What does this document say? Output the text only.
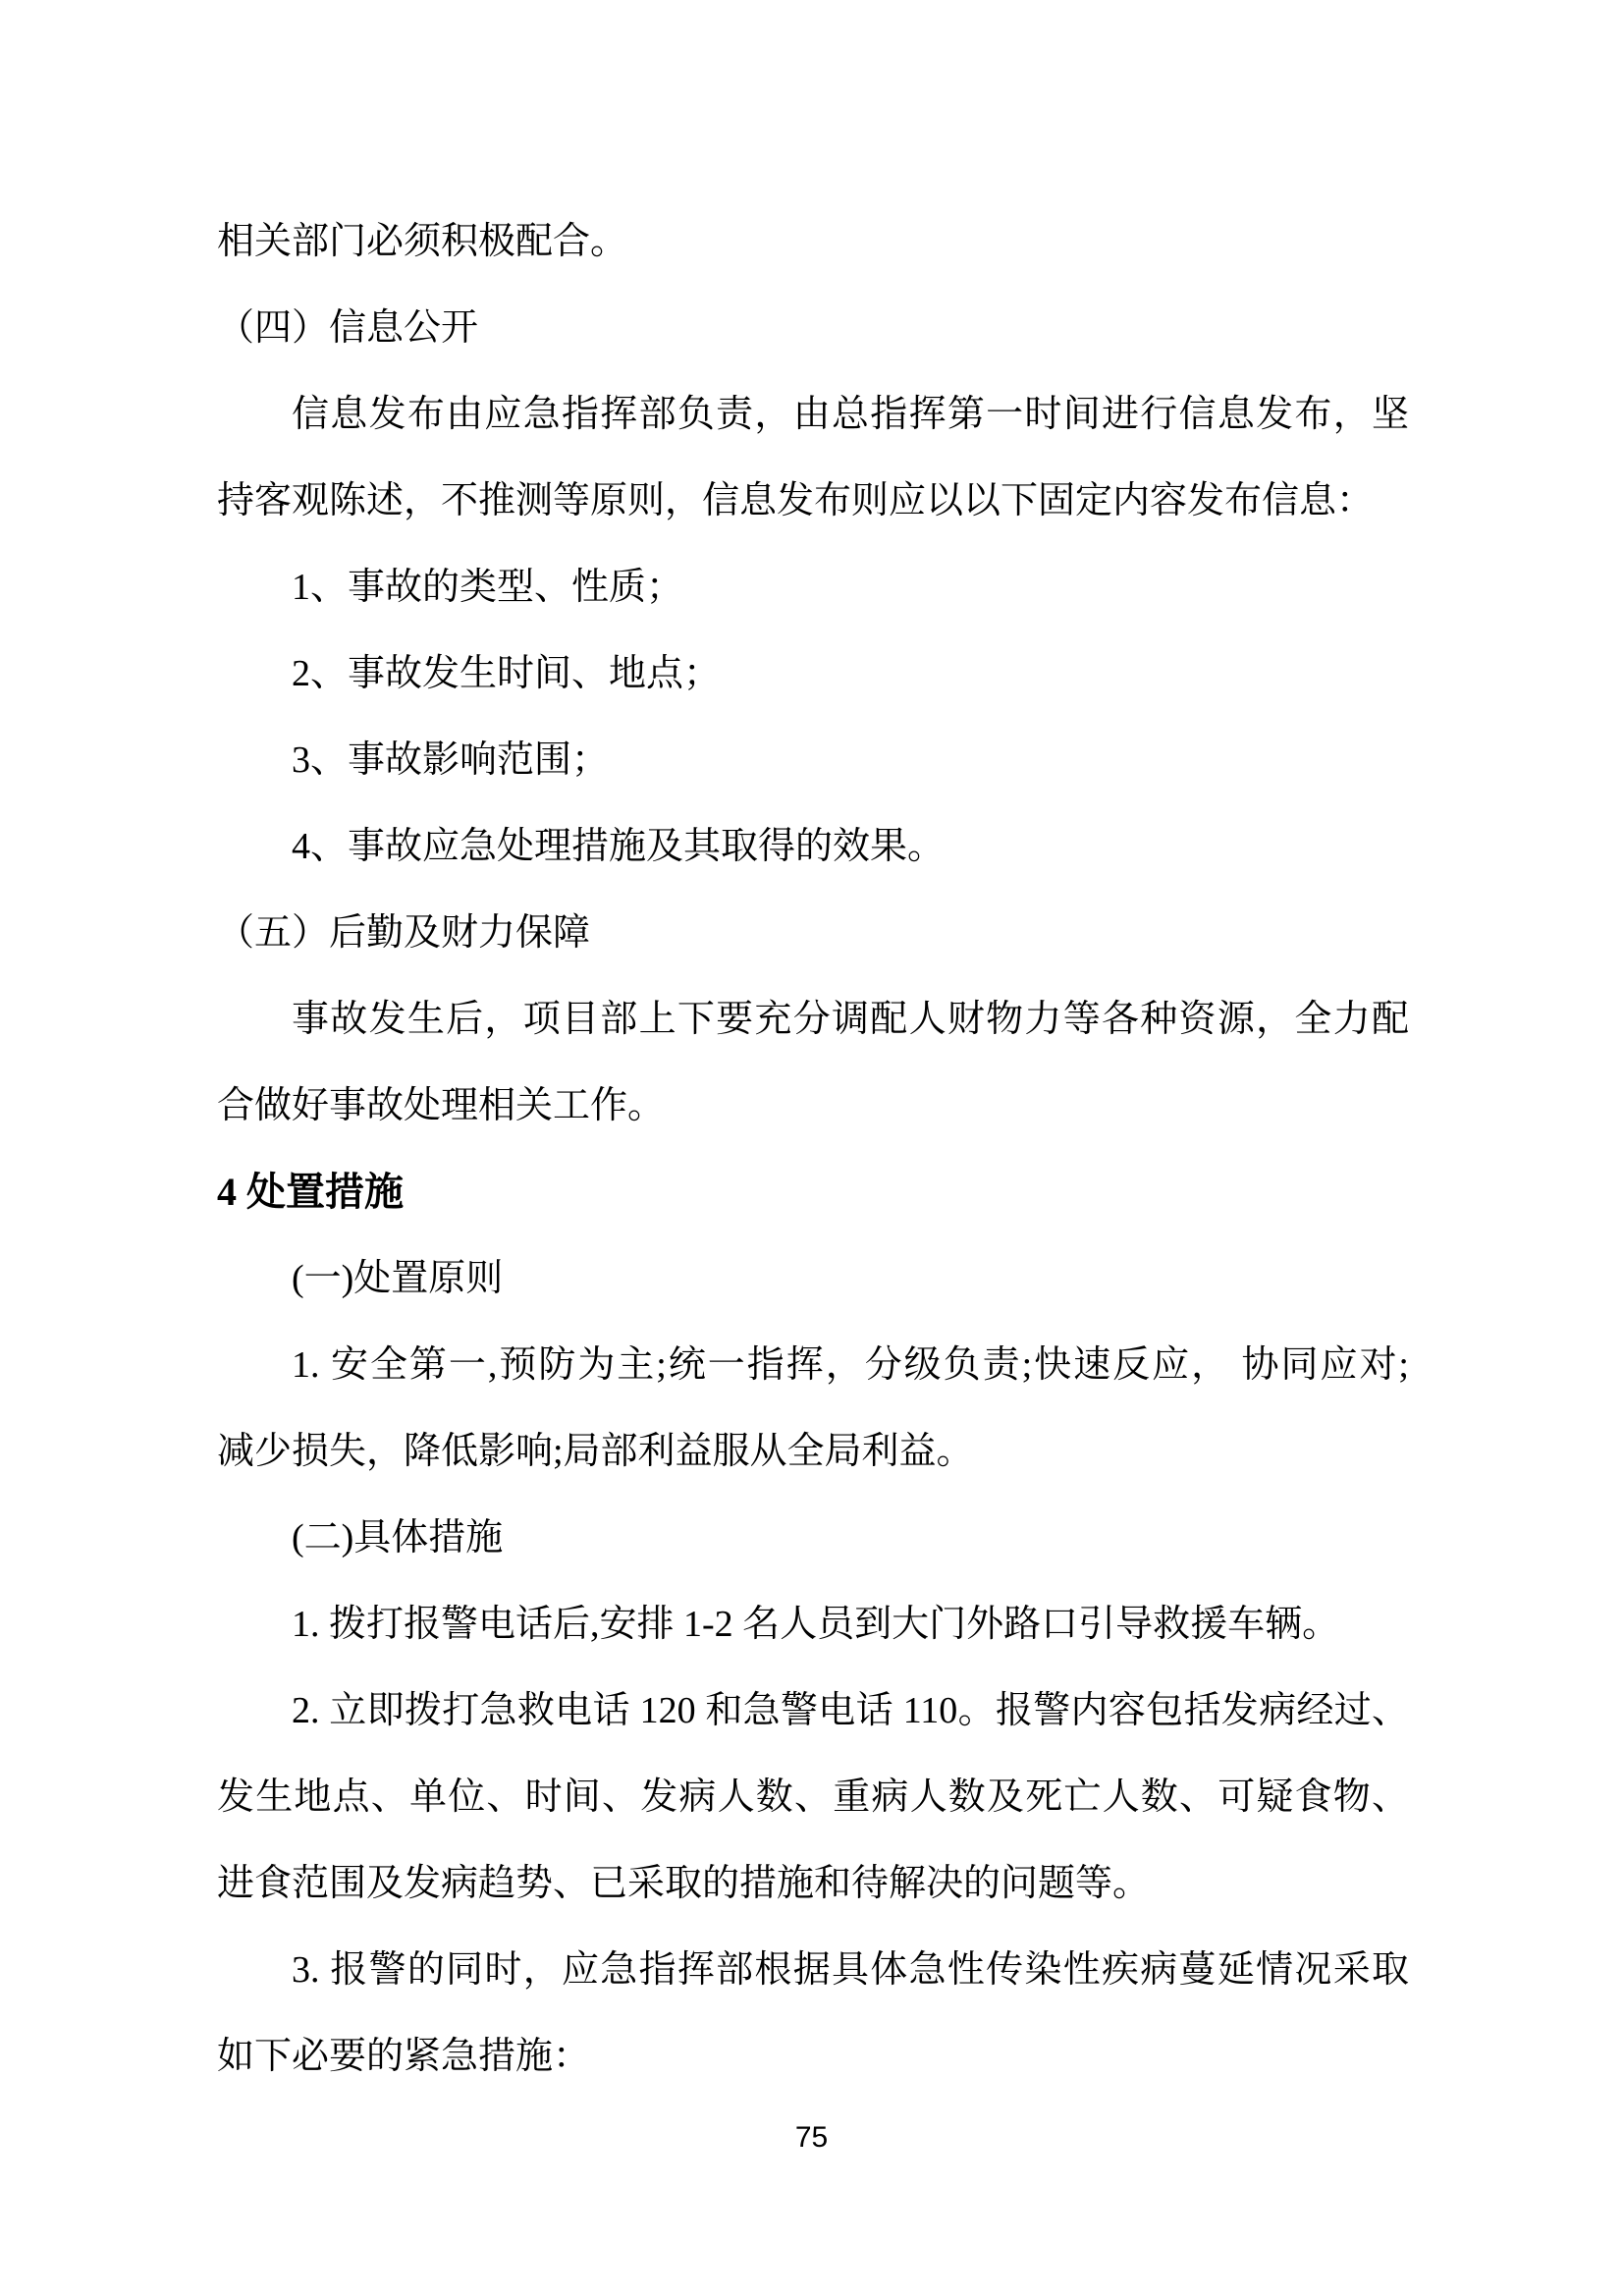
相关部门必须积极配合。
（四）信息公开
信息发布由应急指挥部负责，由总指挥第一时间进行信息发布，坚
持客观陈述，不推测等原则，信息发布则应以以下固定内容发布信息：
1、事故的类型、性质；
2、事故发生时间、地点；
3、事故影响范围；
4、事故应急处理措施及其取得的效果。
（五）后勤及财力保障
事故发生后，项目部上下要充分调配人财物力等各种资源，全力配
合做好事故处理相关工作。
4 处置措施
(一)处置原则
1. 安全第一,预防为主;统一指挥，分级负责;快速反应， 协同应对;
减少损失，降低影响;局部利益服从全局利益。
(二)具体措施
1. 拨打报警电话后,安排 1-2 名人员到大门外路口引导救援车辆。
2. 立即拨打急救电话 120 和急警电话 110。报警内容包括发病经过、
发生地点、单位、时间、发病人数、重病人数及死亡人数、可疑食物、
进食范围及发病趋势、已采取的措施和待解决的问题等。
3. 报警的同时，应急指挥部根据具体急性传染性疾病蔓延情况采取
如下必要的紧急措施：
75
